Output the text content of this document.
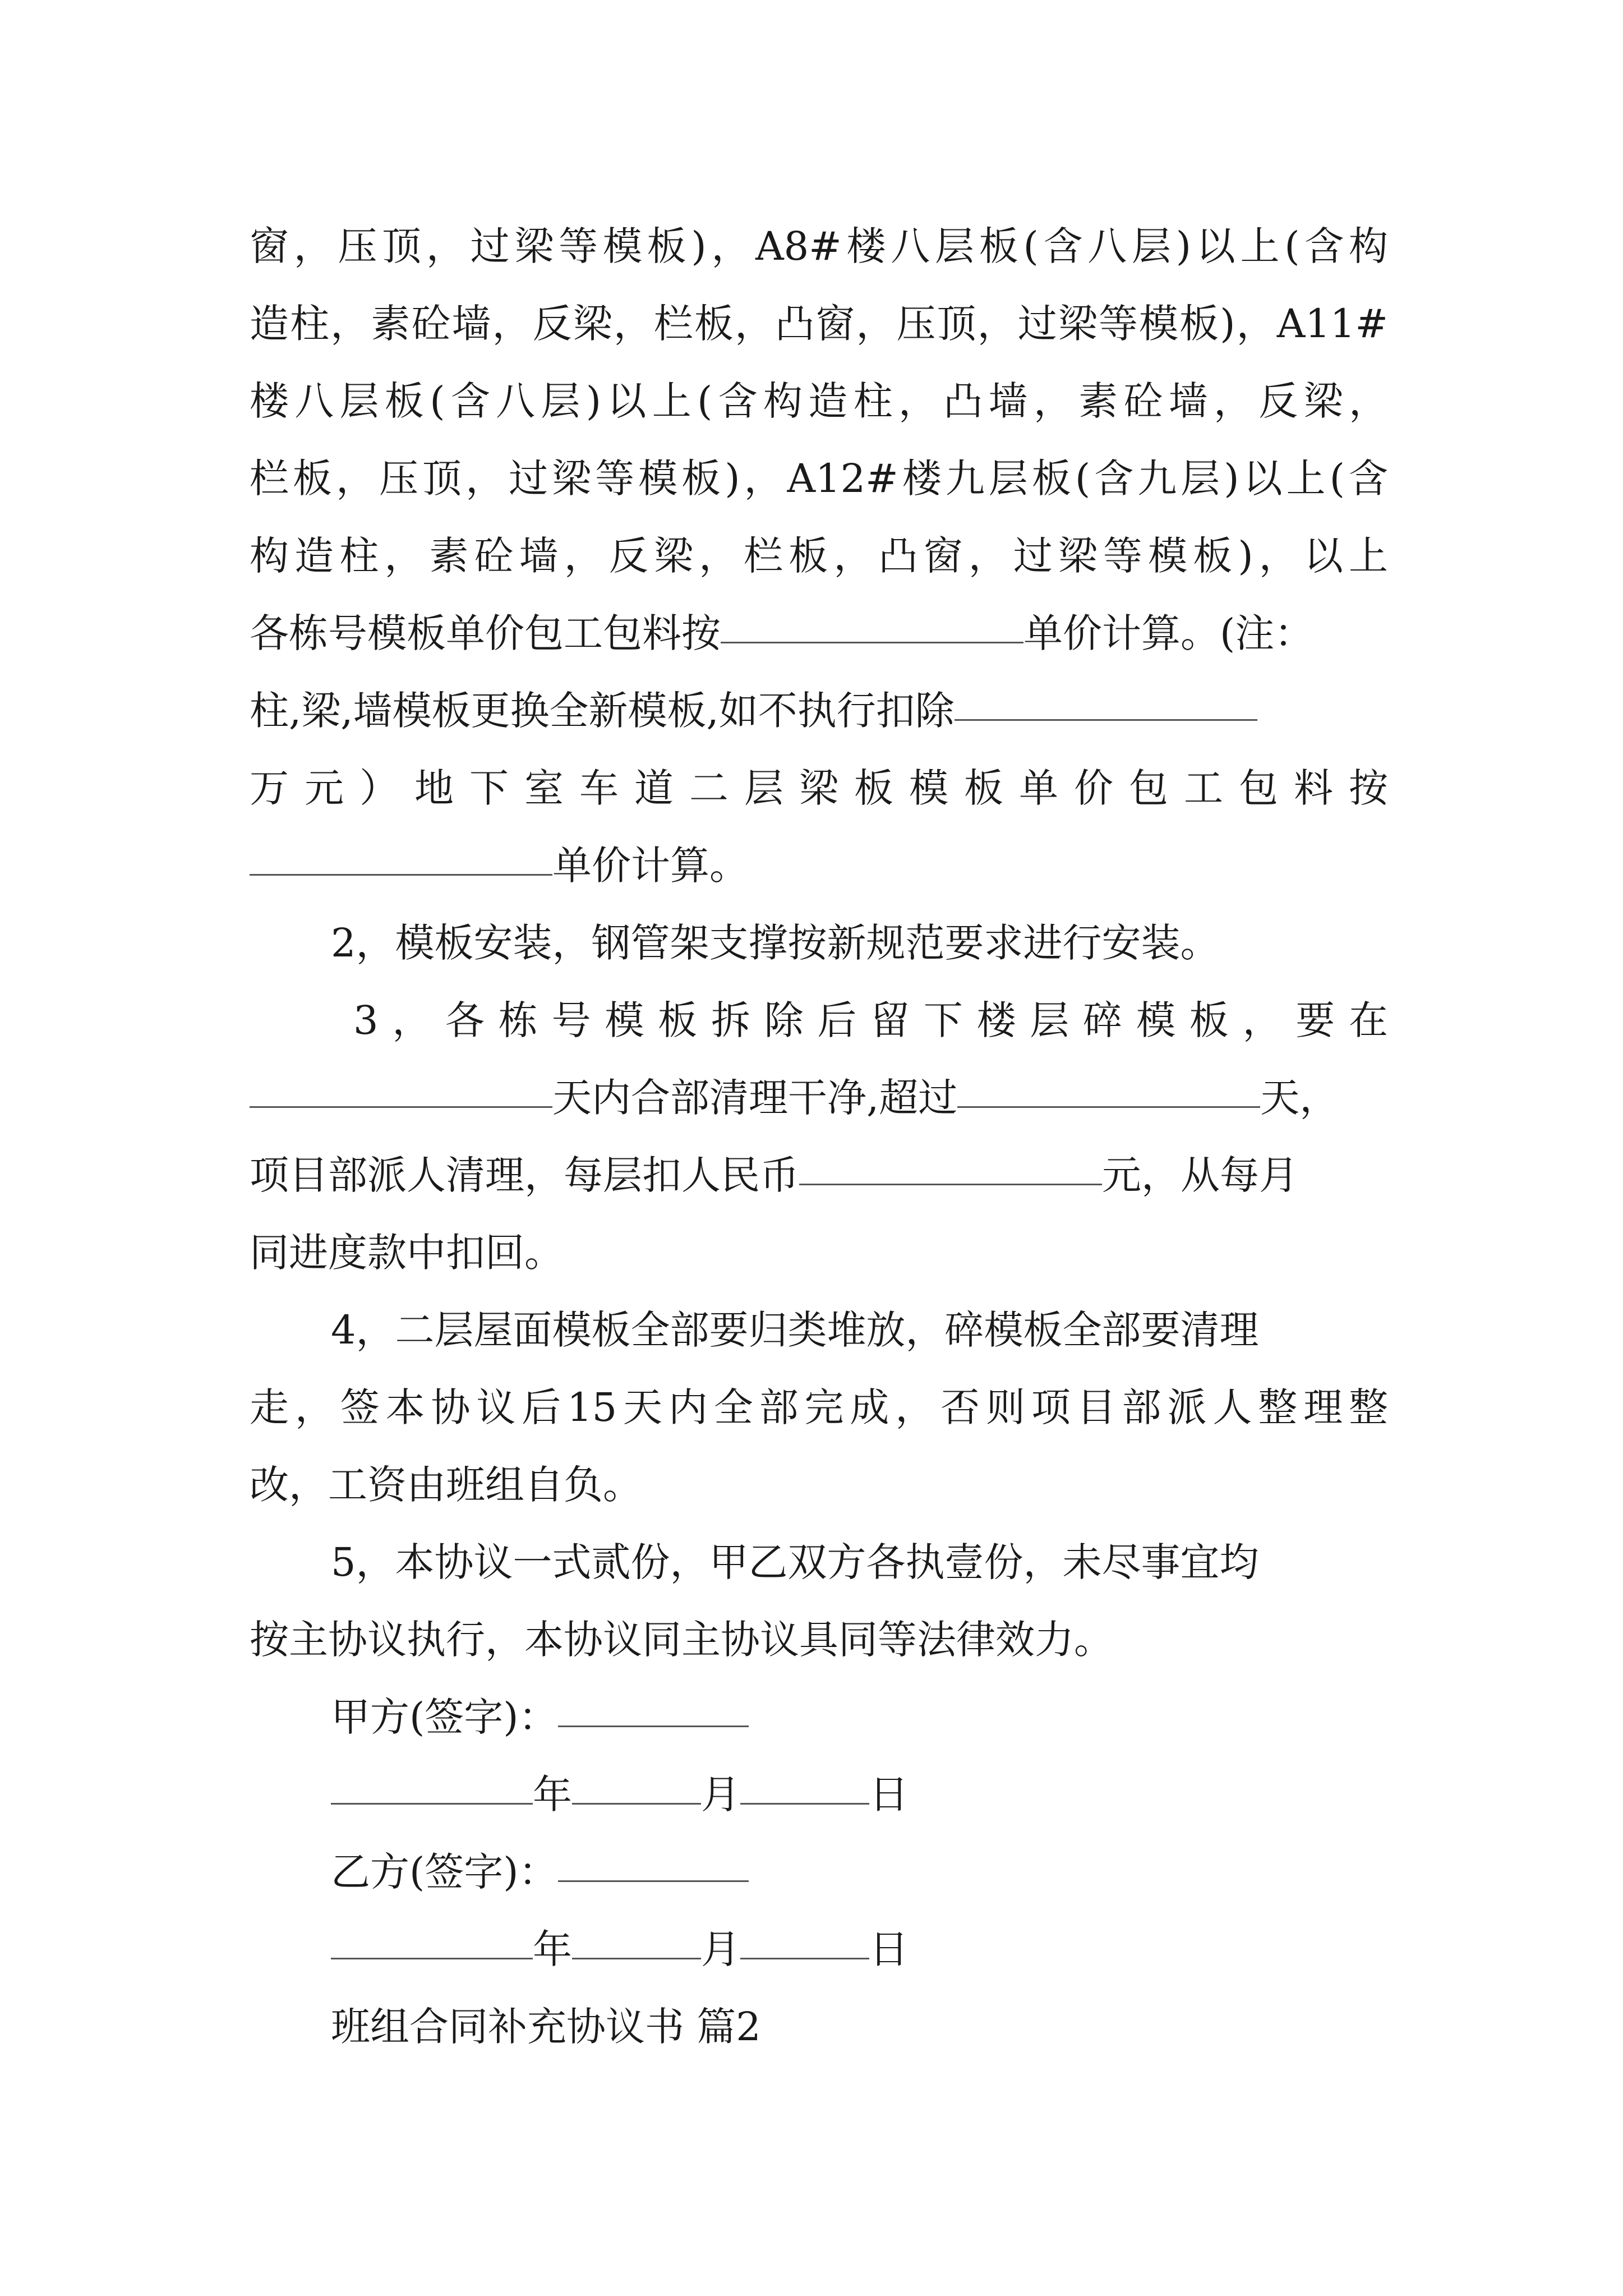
窗，压顶，过梁等模板)，A8#楼八层板(含八层)以上(含构
造柱，素砼墙，反梁，栏板，凸窗，压顶，过梁等模板)，A11#
楼八层板(含八层)以上(含构造柱，凸墙，素砼墙，反梁，
栏板，压顶，过梁等模板)，A12#楼九层板(含九层)以上(含
构造柱，素砼墙，反梁，栏板，凸窗，过梁等模板)，以上
各栋号模板单价包工包料按	单价计算。(注：
柱,梁,墙模板更换全新模板,如不执行扣除
万元）地下室车道二层梁板模板单价包工包料按
单价计算。
2，模板安装，钢管架支撑按新规范要求进行安装。
3，各栋号模板拆除后留下楼层碎模板，要在
天内合部清理干净,超过	天，
项目部派人清理，每层扣人民币	元，从每月
同进度款中扣回。
4，二层屋面模板全部要归类堆放，碎模板全部要清理
走，签本协议后15天内全部完成，否则项目部派人整理整
改，工资由班组自负。
5，本协议一式贰份，甲乙双方各执壹份，未尽事宜均
按主协议执行，本协议同主协议具同等法律效力。
甲方(签字)：
年	月	日
乙方(签字)：
年	月	日
班组合同补充协议书 篇2
